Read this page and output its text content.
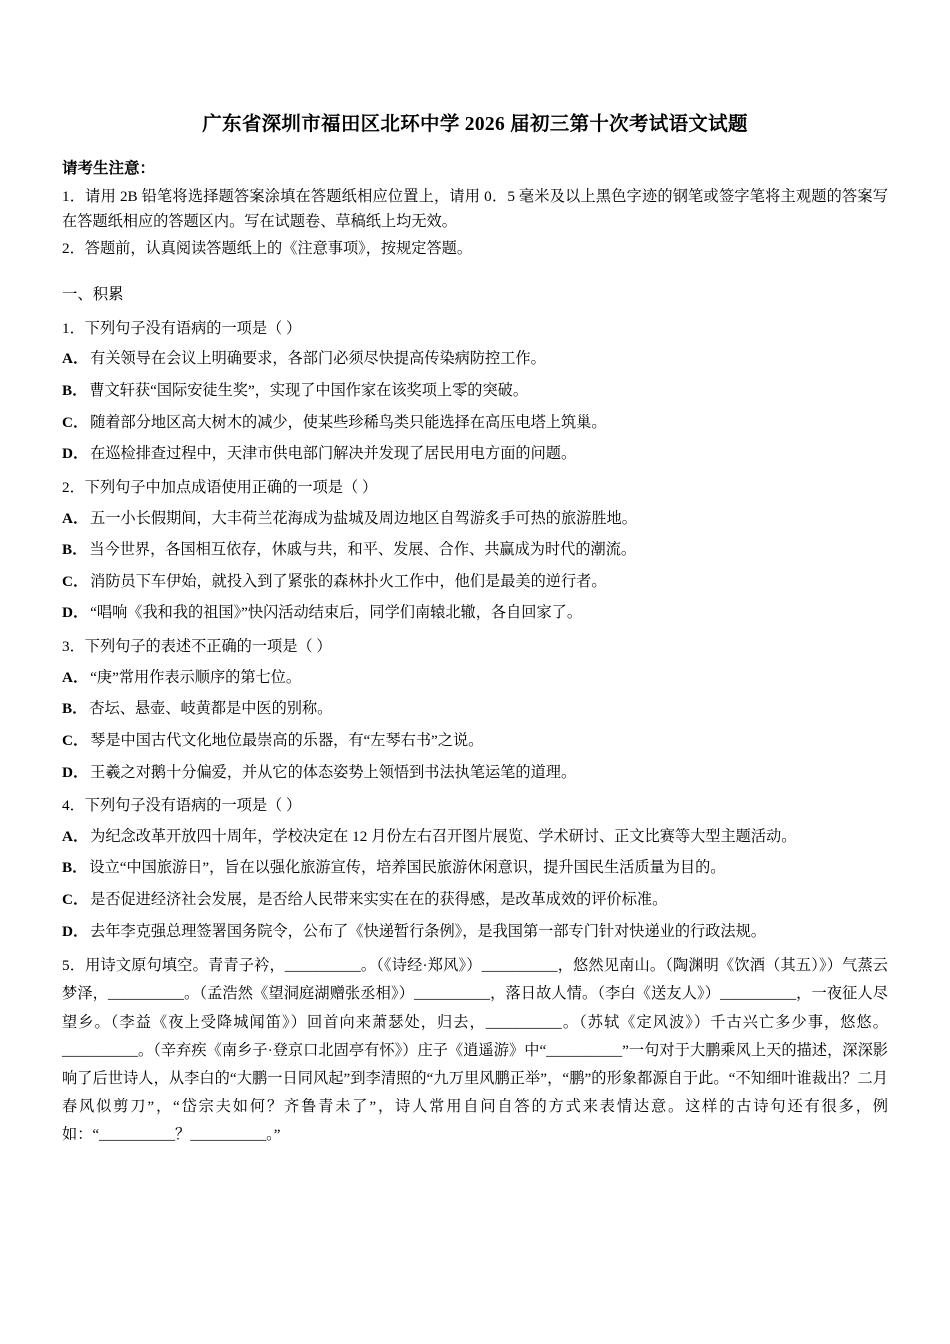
广东省深圳市福田区北环中学 2026 届初三第十次考试语文试题
请考生注意：

1．请用 2B 铅笔将选择题答案涂填在答题纸相应位置上，请用 0．5 毫米及以上黑色字迹的钢笔或签字笔将主观题的答案写在答题纸相应的答题区内。写在试题卷、草稿纸上均无效。

2．答题前，认真阅读答题纸上的《注意事项》，按规定答题。

一、积累
1．下列句子没有语病的一项是（ ）
A． 有关领导在会议上明确要求，各部门必须尽快提高传染病防控工作。
B． 曹文轩获“国际安徒生奖”，实现了中国作家在该奖项上零的突破。
C． 随着部分地区高大树木的减少，使某些珍稀鸟类只能选择在高压电塔上筑巢。
D． 在巡检排查过程中，天津市供电部门解决并发现了居民用电方面的问题。
2．下列句子中加点成语使用正确的一项是（ ）
A． 五一小长假期间，大丰荷兰花海成为盐城及周边地区自驾游炙手可热的旅游胜地。
B． 当今世界，各国相互依存，休戚与共，和平、发展、合作、共赢成为时代的潮流。
C． 消防员下车伊始，就投入到了紧张的森林扑火工作中，他们是最美的逆行者。
D． “唱响《我和我的祖国》”快闪活动结束后，同学们南辕北辙，各自回家了。
3．下列句子的表述不正确的一项是（ ）
A． “庚”常用作表示顺序的第七位。
B． 杏坛、悬壶、岐黄都是中医的别称。
C． 琴是中国古代文化地位最崇高的乐器，有“左琴右书”之说。
D． 王羲之对鹅十分偏爱，并从它的体态姿势上领悟到书法执笔运笔的道理。
4．下列句子没有语病的一项是（ ）
A． 为纪念改革开放四十周年，学校决定在 12 月份左右召开图片展览、学术研讨、正文比赛等大型主题活动。
B． 设立“中国旅游日”，旨在以强化旅游宣传，培养国民旅游休闲意识，提升国民生活质量为目的。
C． 是否促进经济社会发展，是否给人民带来实实在在的获得感，是改革成效的评价标准。
D． 去年李克强总理签署国务院令，公布了《快递暂行条例》，是我国第一部专门针对快递业的行政法规。

5．用诗文原句填空。青青子衿，__________。（《诗经·郑风》）__________，悠然见南山。（陶渊明《饮酒（其五）》）气蒸云梦泽，__________。（孟浩然《望洞庭湖赠张丞相》）__________，落日故人情。（李白《送友人》）__________，一夜征人尽望乡。（李益《夜上受降城闻笛》）回首向来萧瑟处，归去，__________。（苏轼《定风波》）千古兴亡多少事，悠悠。__________。（辛弃疾《南乡子·登京口北固亭有怀》）庄子《逍遥游》中“__________”一句对于大鹏乘风上天的描述，深深影响了后世诗人，从李白的“大鹏一日同风起”到李清照的“九万里风鹏正举”，“鹏”的形象都源自于此。“不知细叶谁裁出？二月春风似剪刀”，“岱宗夫如何？齐鲁青未了”，诗人常用自问自答的方式来表情达意。这样的古诗句还有很多，例如：“__________？__________。”
